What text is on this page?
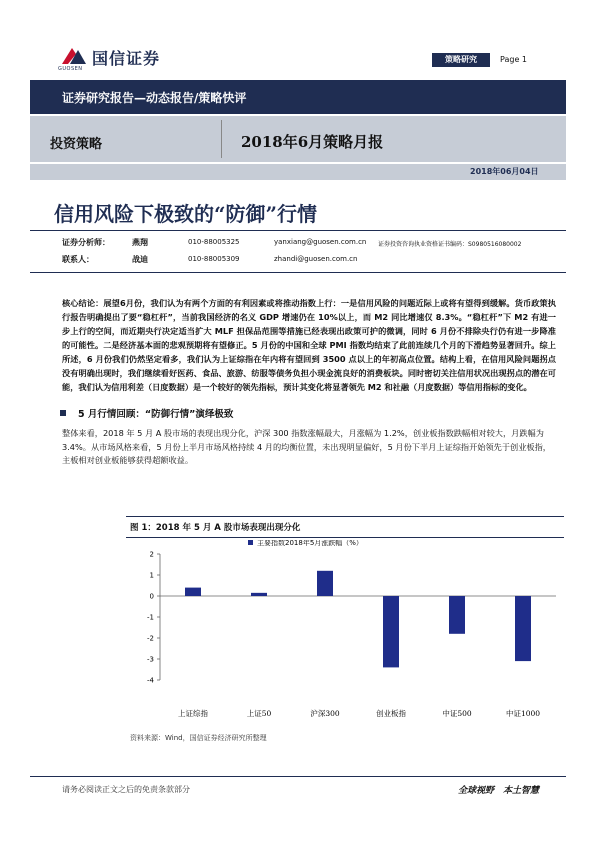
国信证券
GUOSEN
策略研究	Page 1
证券研究报告—动态报告/策略快评
投资策略	2018年6月策略月报
2018年06月04日
信用风险下极致的“防御”行情
证券分析师：	燕翔	010-88005325	yanxiang@guosen.com.cn 证券投资咨询执业资格证书编码：S0980516080002
联系人：	战迪	010-88005309	zhandi@guosen.com.cn
核心结论：展望6月份，我们认为有两个方面的有利因素或将推动指数上行：一是信用风险的问题近际上或将有望得到缓解。货币政策执行报告明确提出了要“稳杠杆”，当前我国经济的名义 GDP 增速仍在 10%以上，而 M2 同比增速仅 8.3%。“稳杠杆”下 M2 有进一步上行的空间，而近期央行决定适当扩大 MLF 担保品范围等措施已经表现出政策可护的微调，同时 6 月份不排除央行仍有进一步降准的可能性。二是经济基本面的悲观预期将有望修正。5 月份的中国和全球 PMI 指数均结束了此前连续几个月的下滑趋势显著回升。综上所述，6 月份我们仍然坚定看多，我们认为上证综指在年内将有望回到 3500 点以上的年初高点位置。结构上看，在信用风险问题拐点没有明确出现时，我们继续看好医药、食品、旅游、纺服等债务负担小现金流良好的消费板块。同时密切关注信用状况出现拐点的潜在可能，我们认为信用利差（日度数据）是一个较好的领先指标，预计其变化将显著领先 M2 和社融（月度数据）等信用指标的变化。
5 月行情回顾：“防御行情”演绎极致
整体来看，2018 年 5 月 A 股市场的表现出现分化，沪深 300 指数涨幅最大，月涨幅为 1.2%，创业板指数跌幅相对较大，月跌幅为 3.4%。从市场风格来看，5 月份上半月市场风格持续 4 月的均衡位置，未出现明显偏好，5 月份下半月上证综指开始领先于创业板指，主板相对创业板能够获得超额收益。
图 1：2018 年 5 月 A 股市场表现出现分化
主要指数2018年5月涨跌幅（%）
2
1
0
-1
-2
-3
-4
上证综指	上证50	沪深300	创业板指	中证500	中证1000
资料来源：Wind，国信证券经济研究所整理
请务必阅读正文之后的免责条款部分	全球视野　本土智慧
